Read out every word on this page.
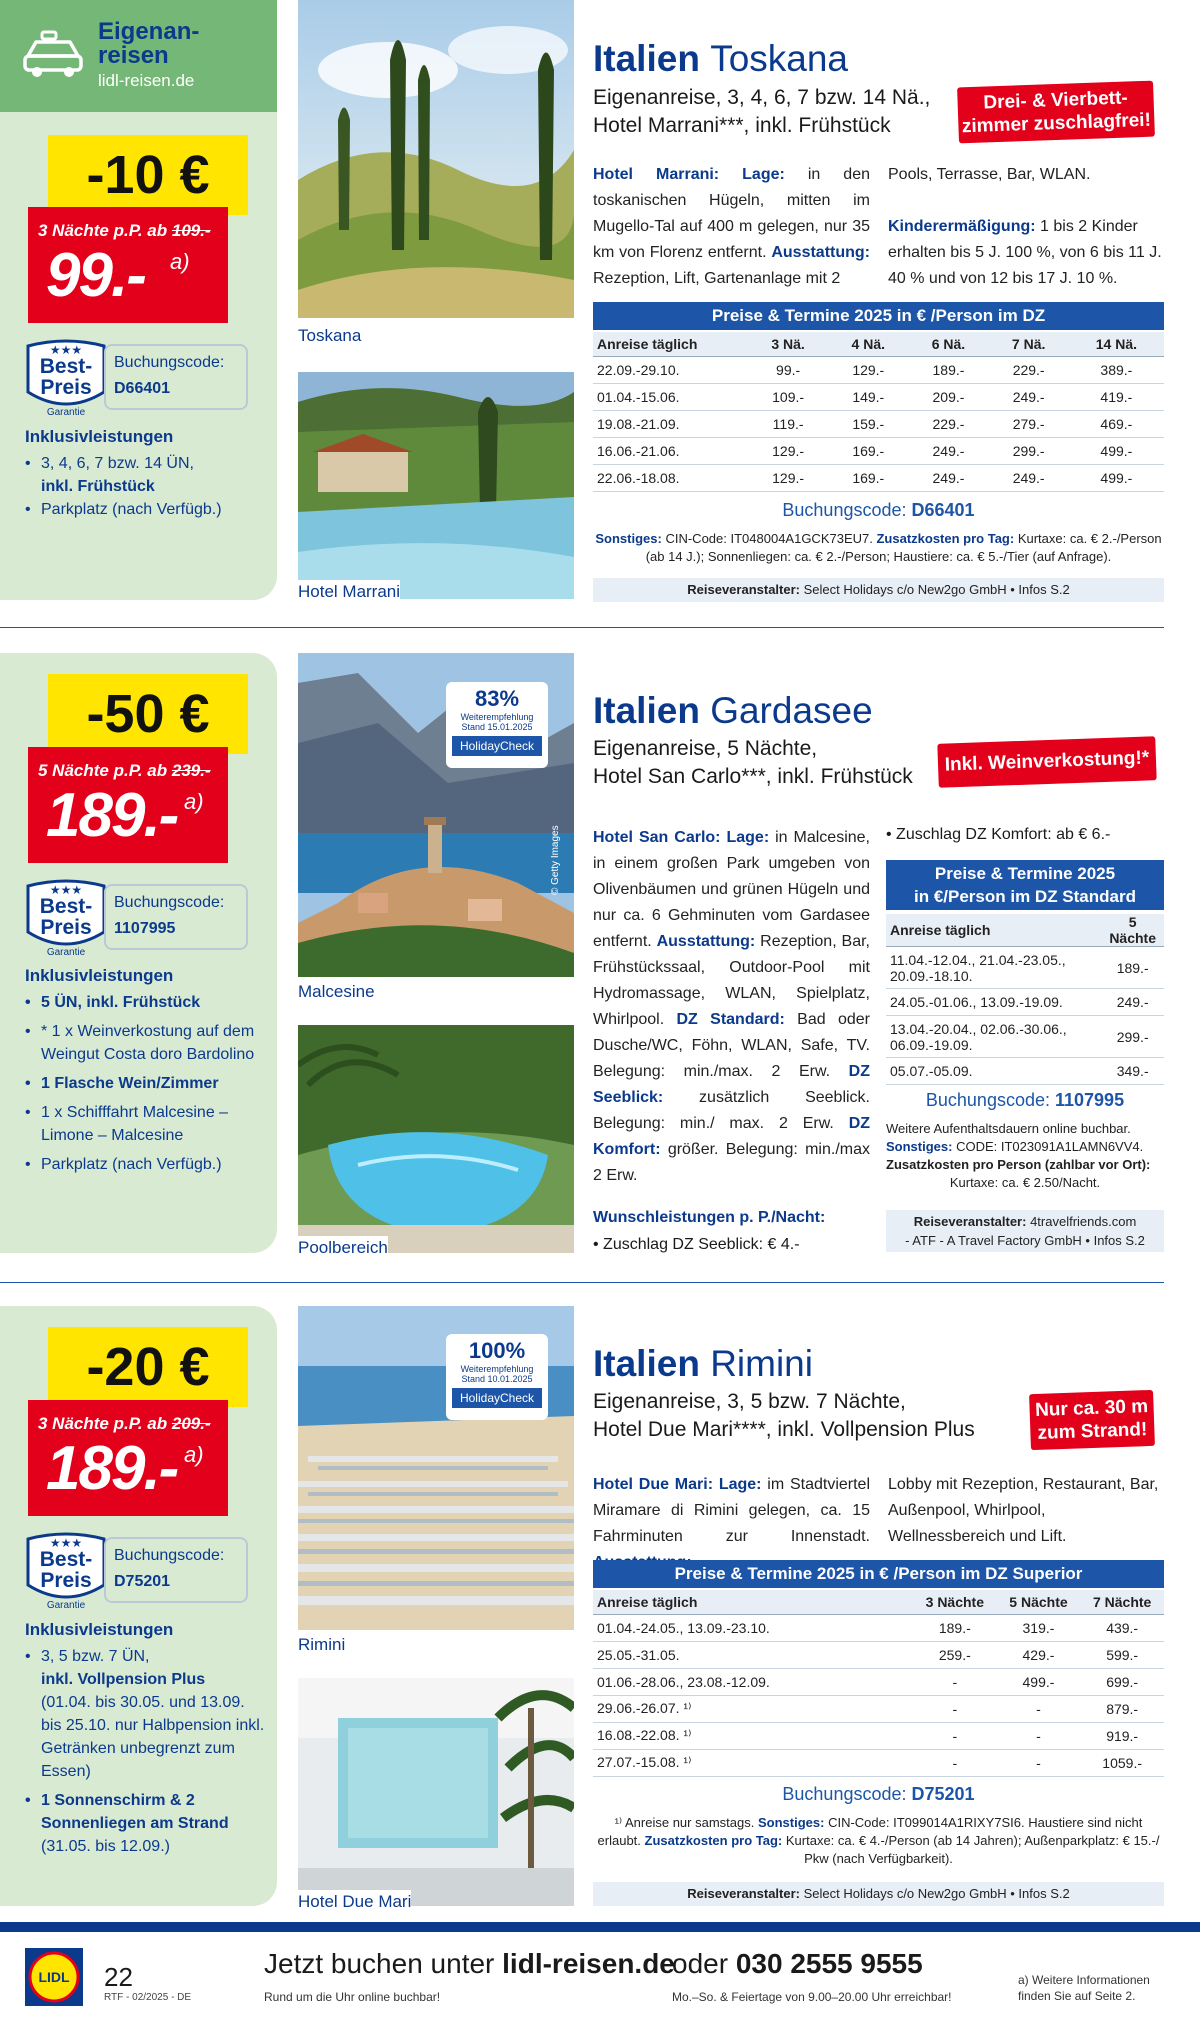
Eigenan-
reisen
lidl-reisen.de
-10 €
3 Nächte p.P. ab 109.-
99.- a)
★★★
Best-
Preis
Garantie
Buchungscode:
D66401
Inklusivleistungen
• 3, 4, 6, 7 bzw. 14 ÜN,
inkl. Frühstück
• Parkplatz (nach Verfügb.)
Toskana
Hotel Marrani
Italien Toskana
Eigenanreise, 3, 4, 6, 7 bzw. 14 Nä.,
Hotel Marrani***, inkl. Frühstück
Drei- & Vierbett-
zimmer zuschlagfrei!
Hotel Marrani: Lage: in den toskanischen Hügeln, mitten im Mugello-Tal auf 400 m gelegen, nur 35 km von Florenz entfernt. Ausstattung: Rezeption, Lift, Gartenanlage mit 2
Pools, Terrasse, Bar, WLAN.
Kinderermäßigung: 1 bis 2 Kinder erhalten bis 5 J. 100 %, von 6 bis 11 J. 40 % und von 12 bis 17 J. 10 %.
Preise & Termine 2025 in € /Person im DZ
Anreise täglich	3 Nä.	4 Nä.	6 Nä.	7 Nä.	14 Nä.
22.09.-29.10.	99.-	129.-	189.-	229.-	389.-
01.04.-15.06.	109.-	149.-	209.-	249.-	419.-
19.08.-21.09.	119.-	159.-	229.-	279.-	469.-
16.06.-21.06.	129.-	169.-	249.-	299.-	499.-
22.06.-18.08.	129.-	169.-	249.-	249.-	499.-
Buchungscode: D66401
Sonstiges: CIN-Code: IT048004A1GCK73EU7. Zusatzkosten pro Tag: Kurtaxe: ca. € 2.-/Person (ab 14 J.); Sonnenliegen: ca. € 2.-/Person; Haustiere: ca. € 5.-/Tier (auf Anfrage).
Reiseveranstalter: Select Holidays c/o New2go GmbH • Infos S.2
-50 €
5 Nächte p.P. ab 239.-
189.- a)
★★★
Best-
Preis
Garantie
Buchungscode:
1107995
Inklusivleistungen
• 5 ÜN, inkl. Frühstück
• * 1 x Weinverkostung auf dem Weingut Costa doro Bardolino
• 1 Flasche Wein/Zimmer
• 1 x Schifffahrt Malcesine – Limone – Malcesine
• Parkplatz (nach Verfügb.)
83%
Weiterempfehlung
Stand 15.01.2025
HolidayCheck
© Getty Images
Malcesine
Poolbereich
Italien Gardasee
Eigenanreise, 5 Nächte,
Hotel San Carlo***, inkl. Frühstück
Inkl. Weinverkostung!*
Hotel San Carlo: Lage: in Malcesine, in einem großen Park umgeben von Olivenbäumen und grünen Hügeln und nur ca. 6 Gehminuten vom Gardasee entfernt. Ausstattung: Rezeption, Bar, Frühstückssaal, Outdoor-Pool mit Hydromassage, WLAN, Spielplatz, Whirlpool. DZ Standard: Bad oder Dusche/WC, Föhn, WLAN, Safe, TV. Belegung: min./max. 2 Erw. DZ Seeblick: zusätzlich Seeblick. Belegung: min./ max. 2 Erw. DZ Komfort: größer. Belegung: min./max 2 Erw.
Wunschleistungen p. P./Nacht:
• Zuschlag DZ Seeblick: € 4.-
• Zuschlag DZ Komfort: ab € 6.-
Preise & Termine 2025
in €/Person im DZ Standard
Anreise täglich	5 Nächte
11.04.-12.04., 21.04.-23.05., 20.09.-18.10.	189.-
24.05.-01.06., 13.09.-19.09.	249.-
13.04.-20.04., 02.06.-30.06., 06.09.-19.09.	299.-
05.07.-05.09.	349.-
Buchungscode: 1107995
Weitere Aufenthaltsdauern online buchbar.
Sonstiges: CODE: IT023091A1LAMN6VV4.
Zusatzkosten pro Person (zahlbar vor Ort):
Kurtaxe: ca. € 2.50/Nacht.
Reiseveranstalter: 4travelfriends.com
- ATF - A Travel Factory GmbH • Infos S.2
-20 €
3 Nächte p.P. ab 209.-
189.- a)
★★★
Best-
Preis
Garantie
Buchungscode:
D75201
Inklusivleistungen
• 3, 5 bzw. 7 ÜN,
inkl. Vollpension Plus
(01.04. bis 30.05. und 13.09. bis 25.10. nur Halbpension inkl. Getränken unbegrenzt zum Essen)
• 1 Sonnenschirm & 2 Sonnenliegen am Strand
(31.05. bis 12.09.)
100%
Weiterempfehlung
Stand 10.01.2025
HolidayCheck
Rimini
Hotel Due Mari
Italien Rimini
Eigenanreise, 3, 5 bzw. 7 Nächte,
Hotel Due Mari****, inkl. Vollpension Plus
Nur ca. 30 m
zum Strand!
Hotel Due Mari: Lage: im Stadtviertel Miramare di Rimini gelegen, ca. 15 Fahrminuten zur Innenstadt.
Lobby mit Rezeption, Restaurant, Bar, Außenpool, Whirlpool, Wellnessbereich und Lift.
Preise & Termine 2025 in € /Person im DZ Superior
Anreise täglich	3 Nächte	5 Nächte	7 Nächte
01.04.-24.05., 13.09.-23.10.	189.-	319.-	439.-
25.05.-31.05.	259.-	429.-	599.-
01.06.-28.06., 23.08.-12.09.	-	499.-	699.-
29.06.-26.07. ¹⁾	-	-	879.-
16.08.-22.08. ¹⁾	-	-	919.-
27.07.-15.08. ¹⁾	-	-	1059.-
Buchungscode: D75201
¹⁾ Anreise nur samstags. Sonstiges: CIN-Code: IT099014A1RIXY7SI6. Haustiere sind nicht erlaubt. Zusatzkosten pro Tag: Kurtaxe: ca. € 4.-/Person (ab 14 Jahren); Außenparkplatz: € 15.-/ Pkw (nach Verfügbarkeit).
Reiseveranstalter: Select Holidays c/o New2go GmbH • Infos S.2
LIDL 22
RTF - 02/2025 - DE
Jetzt buchen unter lidl-reisen.de
Rund um die Uhr online buchbar!
oder 030 2555 9555
Mo.–So. & Feiertage von 9.00–20.00 Uhr erreichbar!
a) Weitere Informationen
finden Sie auf Seite 2.
